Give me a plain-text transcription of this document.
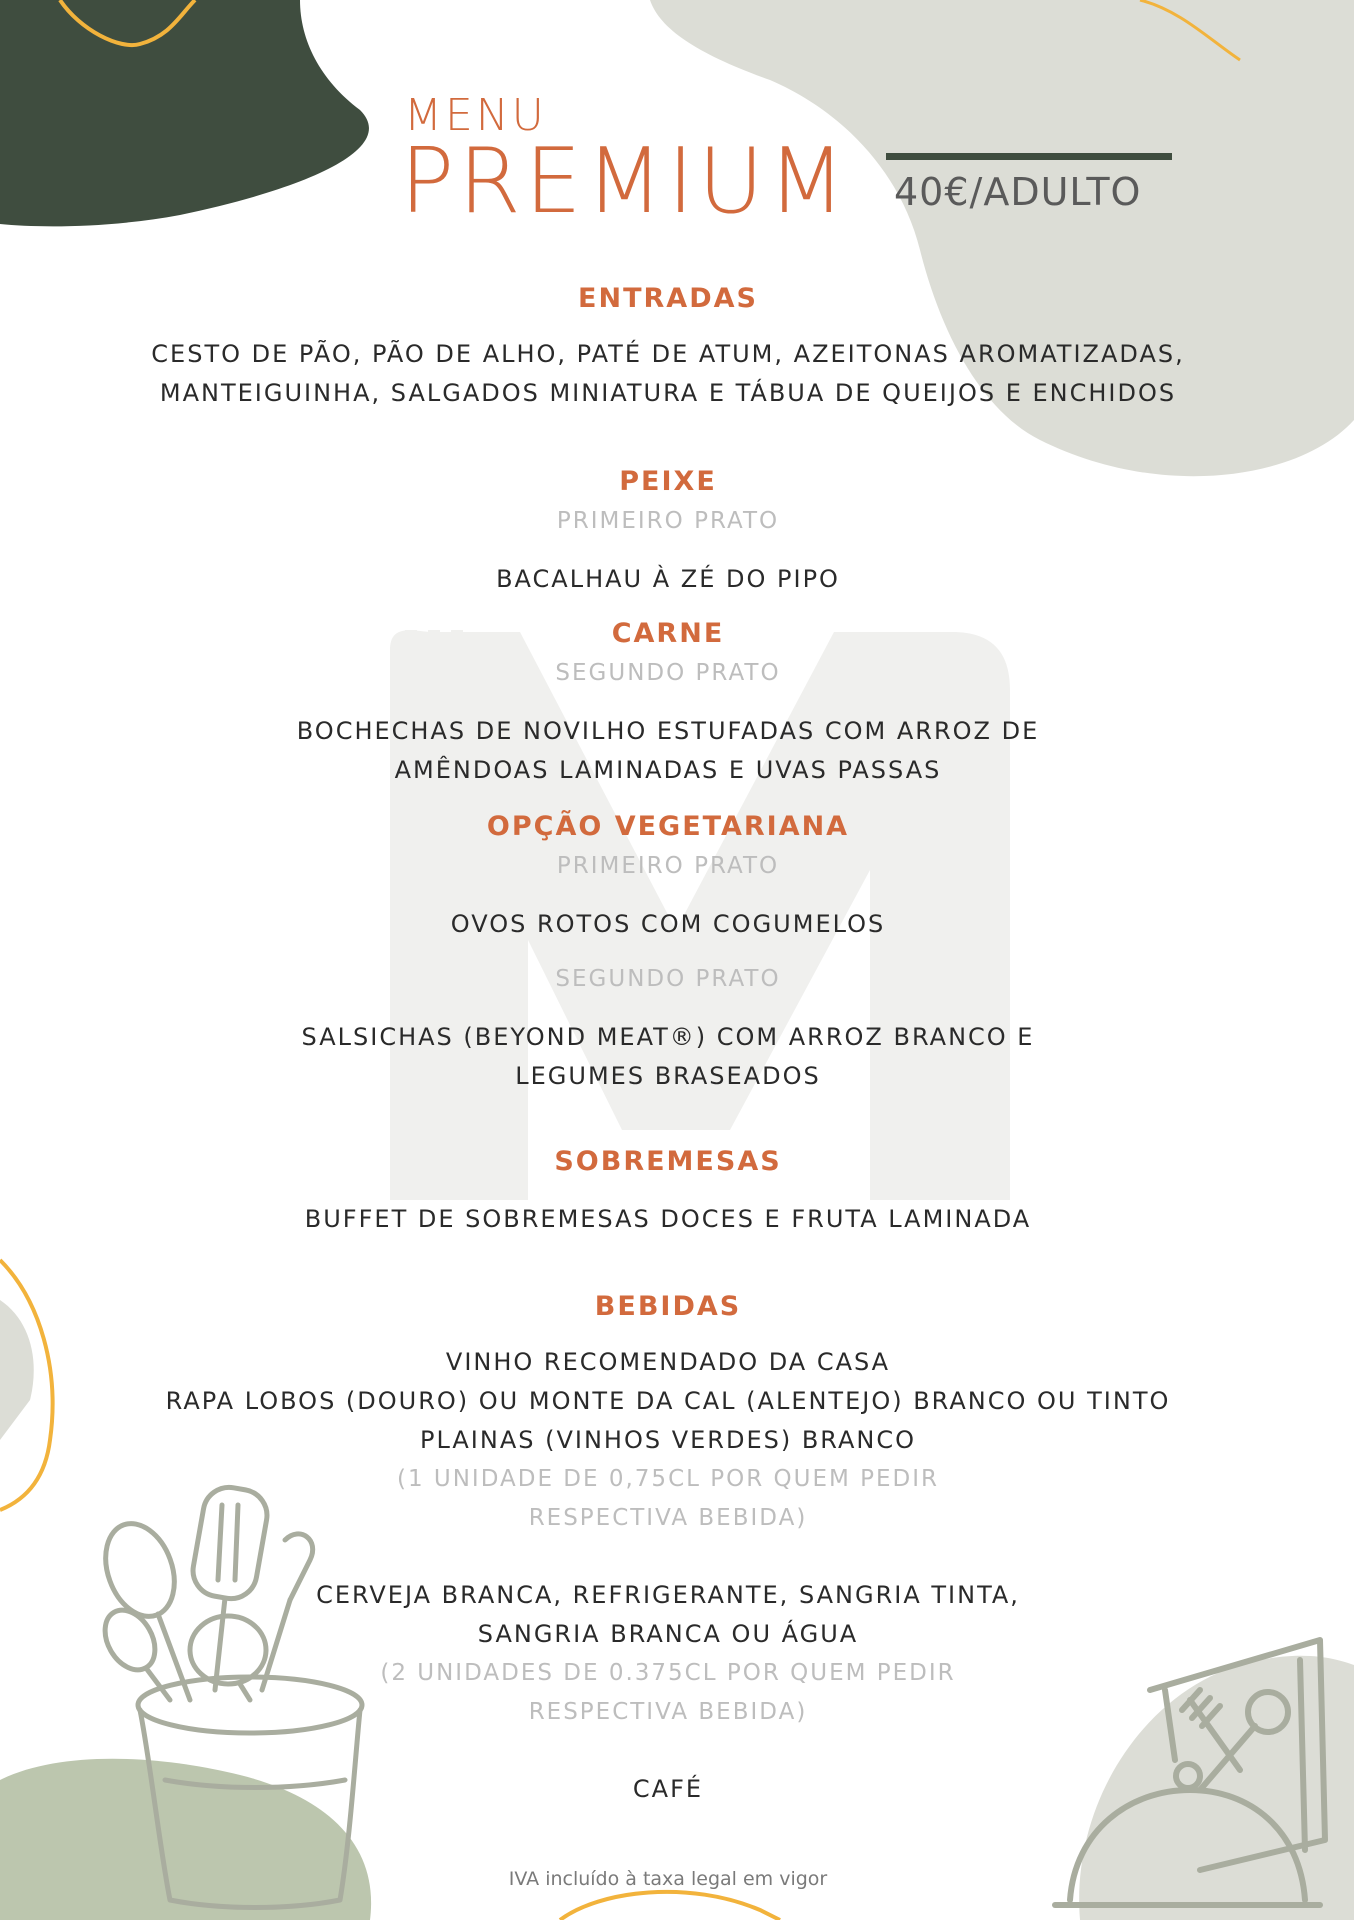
MENU
PREMIUM 40€/ADULTO
ENTRADAS
CESTO DE PÃO, PÃO DE ALHO, PATÉ DE ATUM, AZEITONAS AROMATIZADAS,
MANTEIGUINHA, SALGADOS MINIATURA E TÁBUA DE QUEIJOS E ENCHIDOS
PEIXE
PRIMEIRO PRATO
BACALHAU À ZÉ DO PIPO
CARNE
SEGUNDO PRATO
BOCHECHAS DE NOVILHO ESTUFADAS COM ARROZ DE
AMÊNDOAS LAMINADAS E UVAS PASSAS
OPÇÃO VEGETARIANA
PRIMEIRO PRATO
OVOS ROTOS COM COGUMELOS
SEGUNDO PRATO
SALSICHAS (BEYOND MEAT®) COM ARROZ BRANCO E
LEGUMES BRASEADOS
SOBREMESAS
BUFFET DE SOBREMESAS DOCES E FRUTA LAMINADA
BEBIDAS
VINHO RECOMENDADO DA CASA
RAPA LOBOS (DOURO) OU MONTE DA CAL (ALENTEJO) BRANCO OU TINTO
PLAINAS (VINHOS VERDES) BRANCO
(1 UNIDADE DE 0,75CL POR QUEM PEDIR
RESPECTIVA BEBIDA)
CERVEJA BRANCA, REFRIGERANTE, SANGRIA TINTA,
SANGRIA BRANCA OU ÁGUA
(2 UNIDADES DE 0.375CL POR QUEM PEDIR
RESPECTIVA BEBIDA)
CAFÉ
IVA incluído à taxa legal em vigor
